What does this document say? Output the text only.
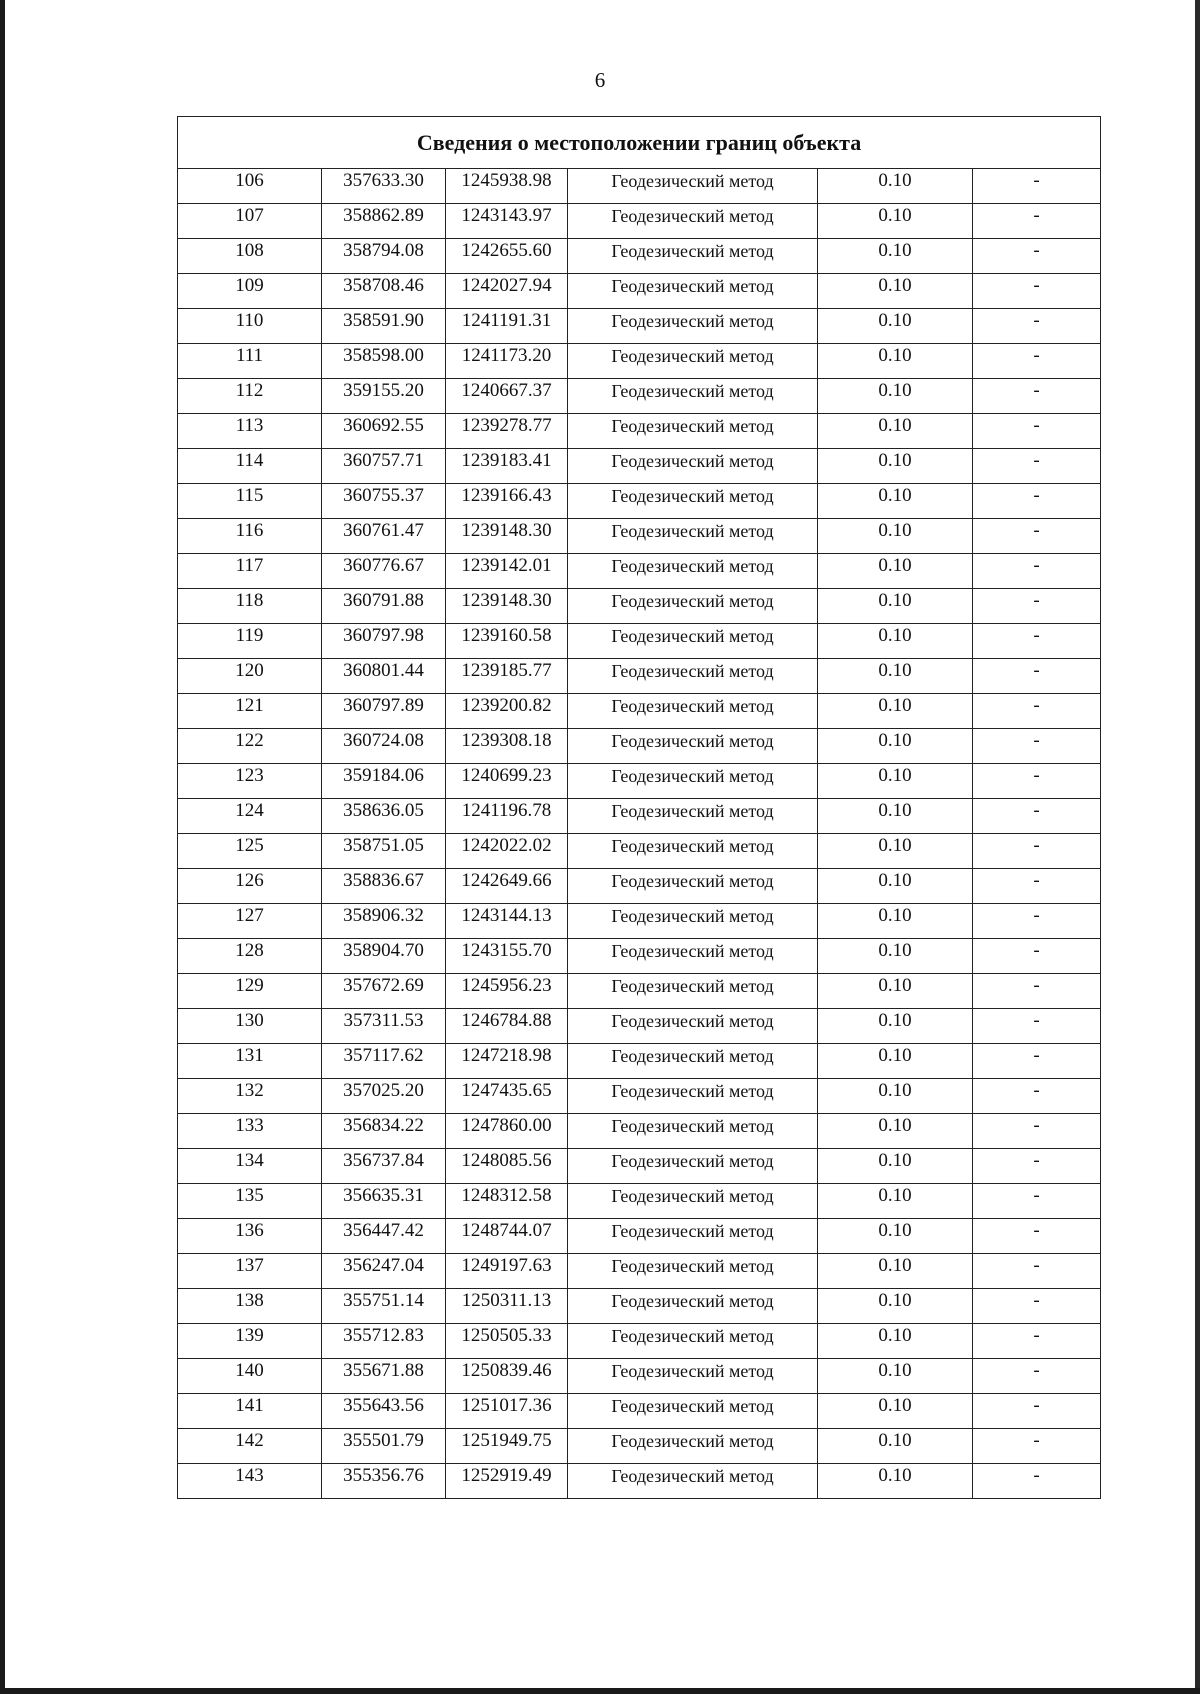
6
Сведения о местоположении границ объекта					
106	357633.30	1245938.98	Геодезический метод	0.10	-
107	358862.89	1243143.97	Геодезический метод	0.10	-
108	358794.08	1242655.60	Геодезический метод	0.10	-
109	358708.46	1242027.94	Геодезический метод	0.10	-
110	358591.90	1241191.31	Геодезический метод	0.10	-
111	358598.00	1241173.20	Геодезический метод	0.10	-
112	359155.20	1240667.37	Геодезический метод	0.10	-
113	360692.55	1239278.77	Геодезический метод	0.10	-
114	360757.71	1239183.41	Геодезический метод	0.10	-
115	360755.37	1239166.43	Геодезический метод	0.10	-
116	360761.47	1239148.30	Геодезический метод	0.10	-
117	360776.67	1239142.01	Геодезический метод	0.10	-
118	360791.88	1239148.30	Геодезический метод	0.10	-
119	360797.98	1239160.58	Геодезический метод	0.10	-
120	360801.44	1239185.77	Геодезический метод	0.10	-
121	360797.89	1239200.82	Геодезический метод	0.10	-
122	360724.08	1239308.18	Геодезический метод	0.10	-
123	359184.06	1240699.23	Геодезический метод	0.10	-
124	358636.05	1241196.78	Геодезический метод	0.10	-
125	358751.05	1242022.02	Геодезический метод	0.10	-
126	358836.67	1242649.66	Геодезический метод	0.10	-
127	358906.32	1243144.13	Геодезический метод	0.10	-
128	358904.70	1243155.70	Геодезический метод	0.10	-
129	357672.69	1245956.23	Геодезический метод	0.10	-
130	357311.53	1246784.88	Геодезический метод	0.10	-
131	357117.62	1247218.98	Геодезический метод	0.10	-
132	357025.20	1247435.65	Геодезический метод	0.10	-
133	356834.22	1247860.00	Геодезический метод	0.10	-
134	356737.84	1248085.56	Геодезический метод	0.10	-
135	356635.31	1248312.58	Геодезический метод	0.10	-
136	356447.42	1248744.07	Геодезический метод	0.10	-
137	356247.04	1249197.63	Геодезический метод	0.10	-
138	355751.14	1250311.13	Геодезический метод	0.10	-
139	355712.83	1250505.33	Геодезический метод	0.10	-
140	355671.88	1250839.46	Геодезический метод	0.10	-
141	355643.56	1251017.36	Геодезический метод	0.10	-
142	355501.79	1251949.75	Геодезический метод	0.10	-
143	355356.76	1252919.49	Геодезический метод	0.10	-
